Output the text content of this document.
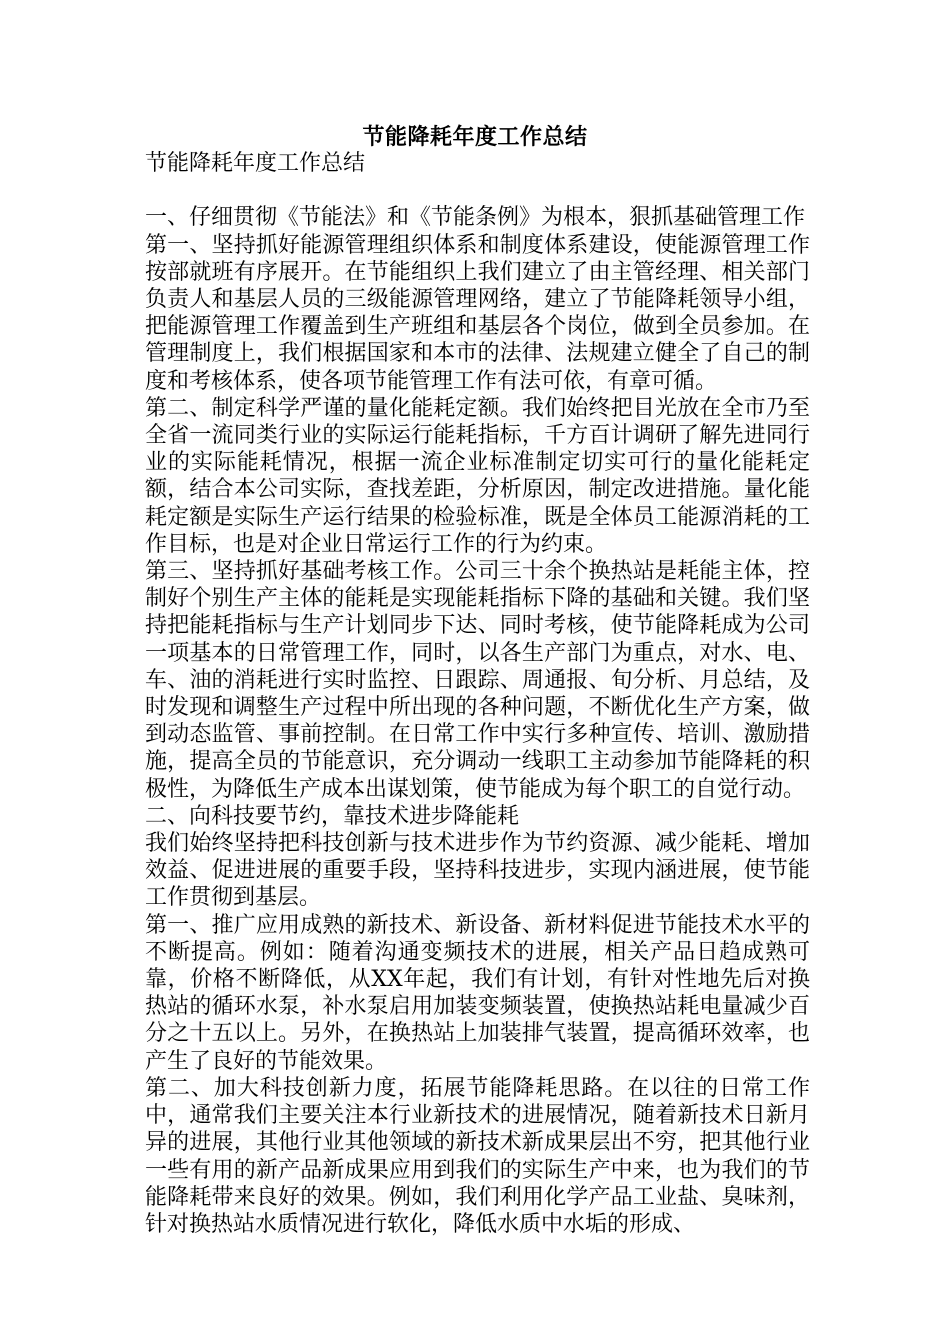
节能降耗年度工作总结

节能降耗年度工作总结

一、仔细贯彻《节能法》和《节能条例》为根本，狠抓基础管理工作

第一、坚持抓好能源管理组织体系和制度体系建设，使能源管理工作按部就班有序展开。在节能组织上我们建立了由主管经理、相关部门负责人和基层人员的三级能源管理网络，建立了节能降耗领导小组，把能源管理工作覆盖到生产班组和基层各个岗位，做到全员参加。在管理制度上，我们根据国家和本市的法律、法规建立健全了自己的制度和考核体系，使各项节能管理工作有法可依，有章可循。

第二、制定科学严谨的量化能耗定额。我们始终把目光放在全市乃至全省一流同类行业的实际运行能耗指标，千方百计调研了解先进同行业的实际能耗情况，根据一流企业标准制定切实可行的量化能耗定额，结合本公司实际，查找差距，分析原因，制定改进措施。量化能耗定额是实际生产运行结果的检验标准，既是全体员工能源消耗的工作目标，也是对企业日常运行工作的行为约束。

第三、坚持抓好基础考核工作。公司三十余个换热站是耗能主体，控制好个别生产主体的能耗是实现能耗指标下降的基础和关键。我们坚持把能耗指标与生产计划同步下达、同时考核，使节能降耗成为公司一项基本的日常管理工作，同时，以各生产部门为重点，对水、电、车、油的消耗进行实时监控、日跟踪、周通报、旬分析、月总结，及时发现和调整生产过程中所出现的各种问题，不断优化生产方案，做到动态监管、事前控制。在日常工作中实行多种宣传、培训、激励措施，提高全员的节能意识，充分调动一线职工主动参加节能降耗的积极性，为降低生产成本出谋划策，使节能成为每个职工的自觉行动。

二、向科技要节约，靠技术进步降能耗

我们始终坚持把科技创新与技术进步作为节约资源、减少能耗、增加效益、促进进展的重要手段，坚持科技进步，实现内涵进展，使节能工作贯彻到基层。

第一、推广应用成熟的新技术、新设备、新材料促进节能技术水平的不断提高。例如：随着沟通变频技术的进展，相关产品日趋成熟可靠，价格不断降低，从XX年起，我们有计划，有针对性地先后对换热站的循环水泵，补水泵启用加装变频装置，使换热站耗电量减少百分之十五以上。另外，在换热站上加装排气装置，提高循环效率，也产生了良好的节能效果。

第二、加大科技创新力度，拓展节能降耗思路。在以往的日常工作中，通常我们主要关注本行业新技术的进展情况，随着新技术日新月异的进展，其他行业其他领域的新技术新成果层出不穷，把其他行业一些有用的新产品新成果应用到我们的实际生产中来，也为我们的节能降耗带来良好的效果。例如，我们利用化学产品工业盐、臭味剂，针对换热站水质情况进行软化，降低水质中水垢的形成、
